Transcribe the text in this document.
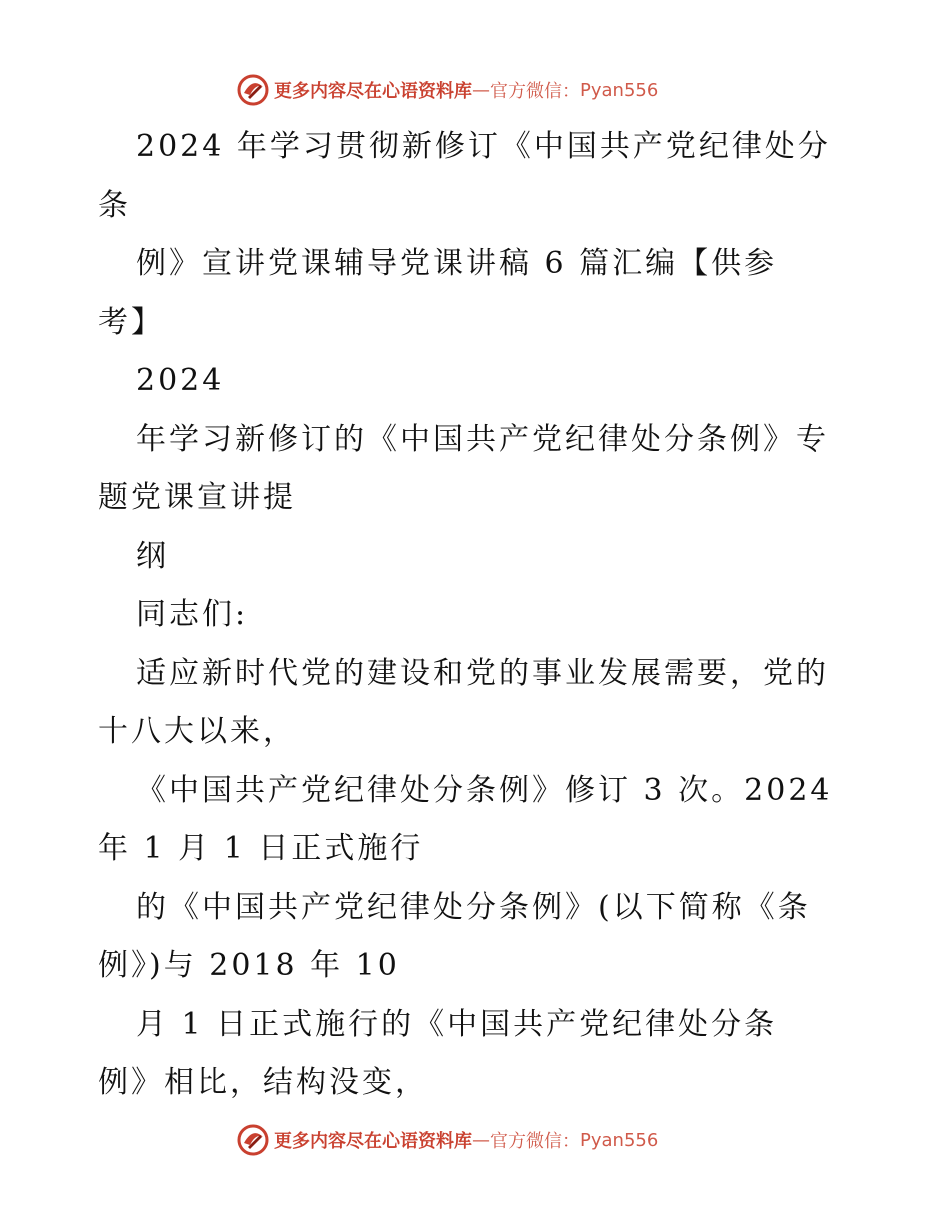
更多内容尽在心语资料库 — 官方微信： Pyan556
2024 年学习贯彻新修订《中国共产党纪律处分
条
例》宣讲党课辅导党课讲稿 6 篇汇编【供参
考】
2024
年学习新修订的《中国共产党纪律处分条例》专
题党课宣讲提
纲
同志们:
适应新时代党的建设和党的事业发展需要，党的
十八大以来，
《中国共产党纪律处分条例》修订 3 次。2024
年 1 月 1 日正式施行
的《中国共产党纪律处分条例》(以下简称《条
例》)与 2018 年 10
月 1 日正式施行的《中国共产党纪律处分条
例》相比，结构没变，
更多内容尽在心语资料库 — 官方微信： Pyan556
